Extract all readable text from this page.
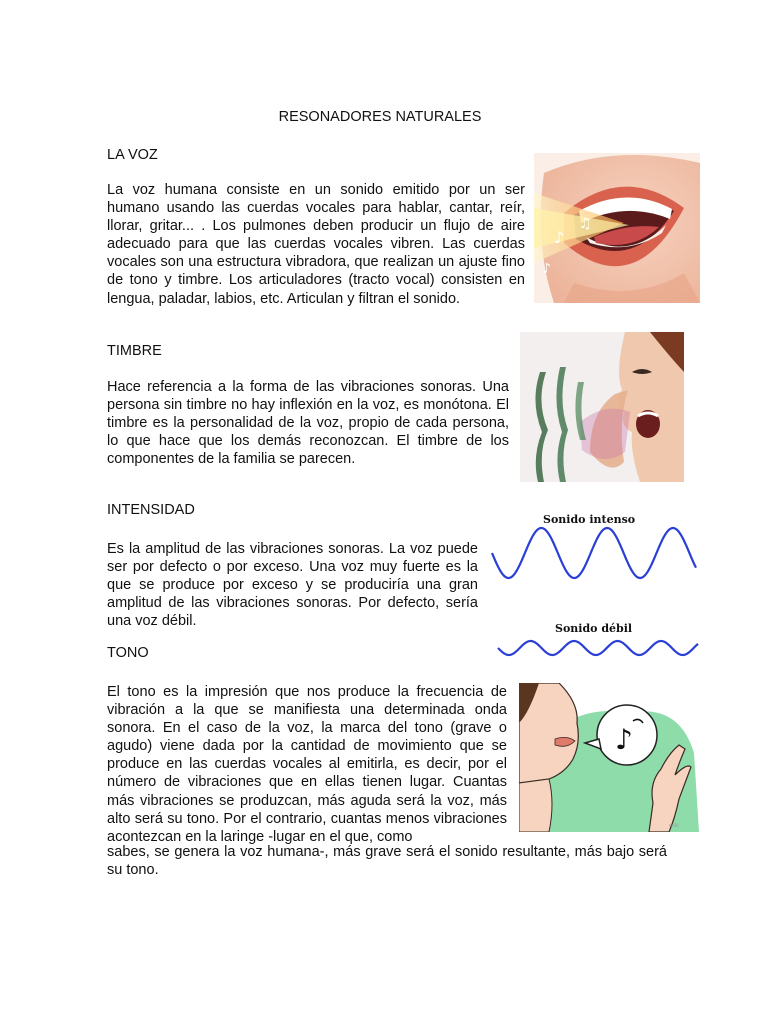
RESONADORES NATURALES
LA VOZ
La voz humana consiste en un sonido emitido por un ser humano usando las cuerdas vocales para hablar, cantar, reír, llorar, gritar... . Los pulmones deben producir un flujo de aire adecuado para que las cuerdas vocales vibren. Las cuerdas vocales son una estructura vibradora, que realizan un ajuste fino de tono y timbre. Los articuladores (tracto vocal) consisten en lengua, paladar, labios, etc. Articulan y filtran el sonido.
♪
♫
♪
TIMBRE
Hace referencia a la forma de las vibraciones sonoras. Una persona sin timbre no hay inflexión en la voz, es monótona. El timbre es la personalidad de la voz, propio de cada persona, lo que hace que los demás reconozcan. El timbre de los componentes de la familia se parecen.
INTENSIDAD
Es la amplitud de las vibraciones sonoras. La voz puede ser por defecto o por exceso. Una voz muy fuerte es la que se produce por exceso y se produciría una gran amplitud de las vibraciones sonoras. Por defecto, sería una voz débil.
Sonido intenso
Sonido débil
TONO
El tono es la impresión que nos produce la frecuencia de vibración a la que se manifiesta una determinada onda sonora. En el caso de la voz, la marca del tono (grave o agudo) viene dada por la cantidad de movimiento que se produce en las cuerdas vocales al emitirla, es decir, por el número de vibraciones que en ellas tienen lugar. Cuantas más vibraciones se produzcan, más aguda será la voz, más alto será su tono. Por el contrario, cuantas menos vibraciones acontezcan en la laringe -lugar en el que, como
sabes, se genera la voz humana-, más grave será el sonido resultante, más bajo será su tono.
♪
wiki
